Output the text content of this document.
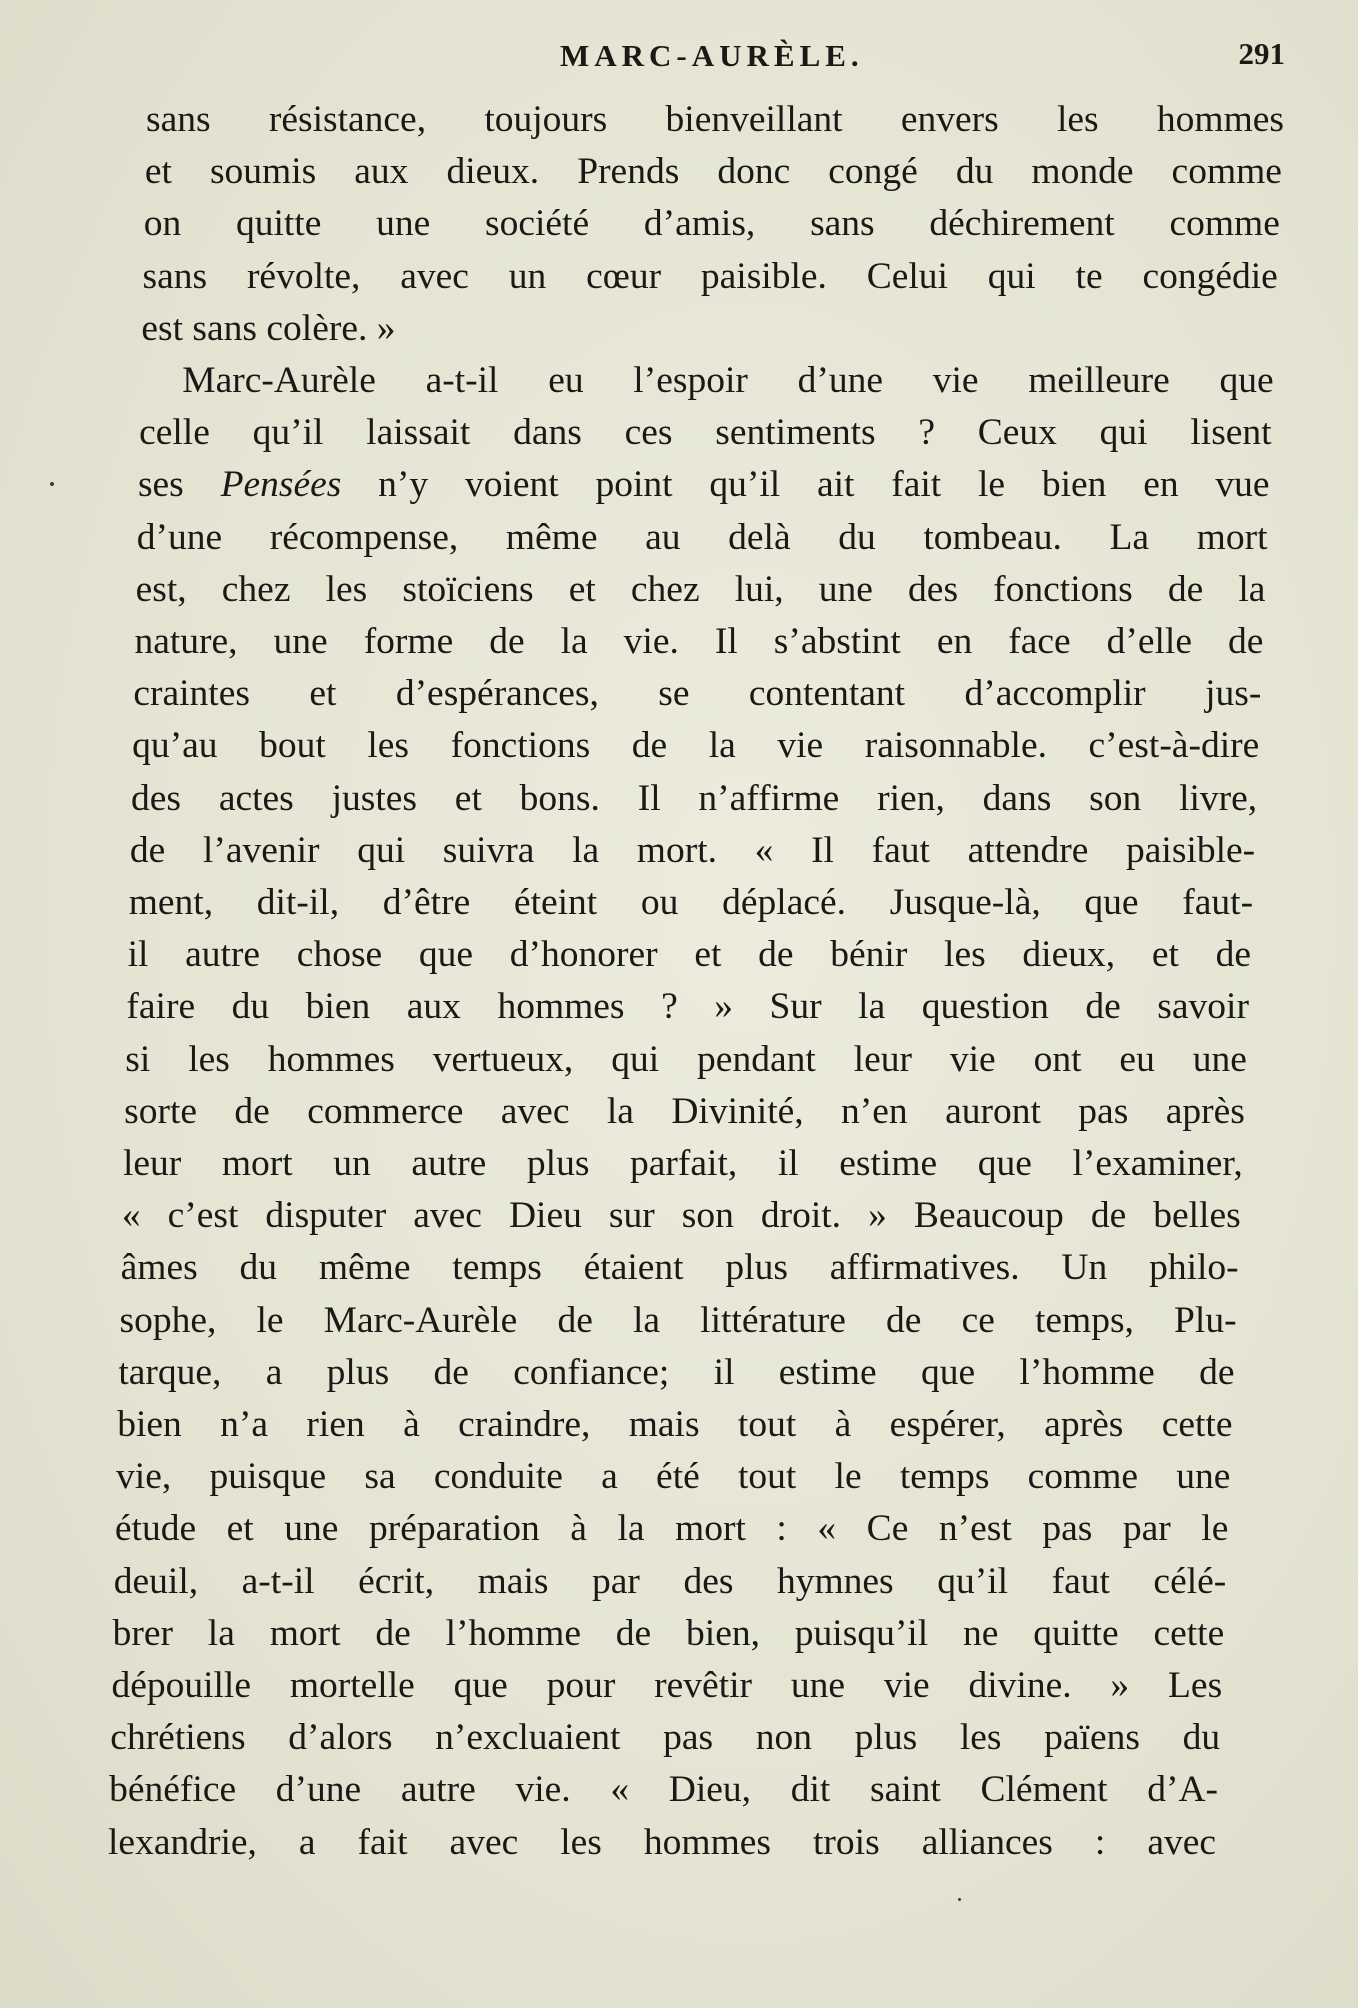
MARC-AURÈLE.	291
sans résistance, toujours bienveillant envers les hommes
et soumis aux dieux. Prends donc congé du monde comme
on quitte une société d’amis, sans déchirement comme
sans révolte, avec un cœur paisible. Celui qui te congédie
est sans colère. »
Marc-Aurèle a-t-il eu l’espoir d’une vie meilleure que
celle qu’il laissait dans ces sentiments ? Ceux qui lisent
ses Pensées n’y voient point qu’il ait fait le bien en vue
d’une récompense, même au delà du tombeau. La mort
est, chez les stoïciens et chez lui, une des fonctions de la
nature, une forme de la vie. Il s’abstint en face d’elle de
craintes et d’espérances, se contentant d’accomplir jus-
qu’au bout les fonctions de la vie raisonnable. c’est-à-dire
des actes justes et bons. Il n’affirme rien, dans son livre,
de l’avenir qui suivra la mort. « Il faut attendre paisible-
ment, dit-il, d’être éteint ou déplacé. Jusque-là, que faut-
il autre chose que d’honorer et de bénir les dieux, et de
faire du bien aux hommes ? » Sur la question de savoir
si les hommes vertueux, qui pendant leur vie ont eu une
sorte de commerce avec la Divinité, n’en auront pas après
leur mort un autre plus parfait, il estime que l’examiner,
« c’est disputer avec Dieu sur son droit. » Beaucoup de belles
âmes du même temps étaient plus affirmatives. Un philo-
sophe, le Marc-Aurèle de la littérature de ce temps, Plu-
tarque, a plus de confiance; il estime que l’homme de
bien n’a rien à craindre, mais tout à espérer, après cette
vie, puisque sa conduite a été tout le temps comme une
étude et une préparation à la mort : « Ce n’est pas par le
deuil, a-t-il écrit, mais par des hymnes qu’il faut célé-
brer la mort de l’homme de bien, puisqu’il ne quitte cette
dépouille mortelle que pour revêtir une vie divine. » Les
chrétiens d’alors n’excluaient pas non plus les païens du
bénéfice d’une autre vie. « Dieu, dit saint Clément d’A-
lexandrie, a fait avec les hommes trois alliances : avec
